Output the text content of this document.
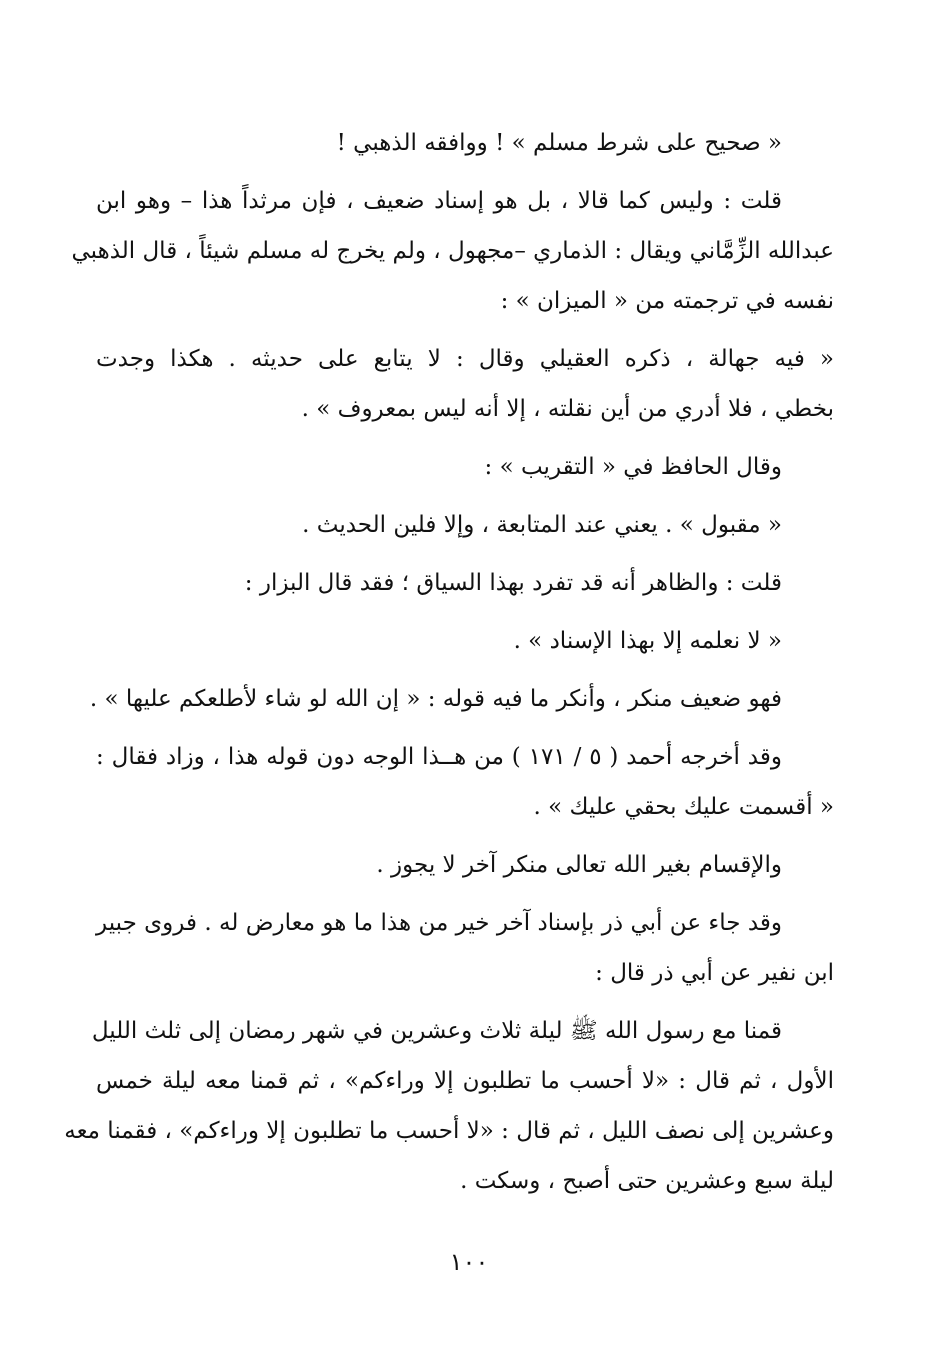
« صحيح على شرط مسلم » ! ووافقه الذهبي !
قلت : وليس كما قالا ، بل هو إسناد ضعيف ، فإن مرثداً هذا – وهو ابن
عبدالله الزِّمَّاني ويقال : الذماري –مجهول ، ولم يخرج له مسلم شيئاً ، قال الذهبي
نفسه في ترجمته من « الميزان » :
« فيه جهالة ، ذكره العقيلي وقال : لا يتابع على حديثه . هكذا وجدت
بخطي ، فلا أدري من أين نقلته ، إلا أنه ليس بمعروف » .
وقال الحافظ في « التقريب » :
« مقبول » . يعني عند المتابعة ، وإلا فلين الحديث .
قلت : والظاهر أنه قد تفرد بهذا السياق ؛ فقد قال البزار :
« لا نعلمه إلا بهذا الإسناد » .
فهو ضعيف منكر ، وأنكر ما فيه قوله : « إن الله لو شاء لأطلعكم عليها » .
وقد أخرجه أحمد ( ٥ / ١٧١ ) من هــذا الوجه دون قوله هذا ، وزاد فقال :
« أقسمت عليك بحقي عليك » .
والإقسام بغير الله تعالى منكر آخر لا يجوز .
وقد جاء عن أبي ذر بإسناد آخر خير من هذا ما هو معارض له . فروى جبير
ابن نفير عن أبي ذر قال :
قمنا مع رسول الله ﷺ ليلة ثلاث وعشرين في شهر رمضان إلى ثلث الليل
الأول ، ثم قال : «لا أحسب ما تطلبون إلا وراءكم» ، ثم قمنا معه ليلة خمس
وعشرين إلى نصف الليل ، ثم قال : «لا أحسب ما تطلبون إلا وراءكم» ، فقمنا معه
ليلة سبع وعشرين حتى أصبح ، وسكت .
١٠٠
